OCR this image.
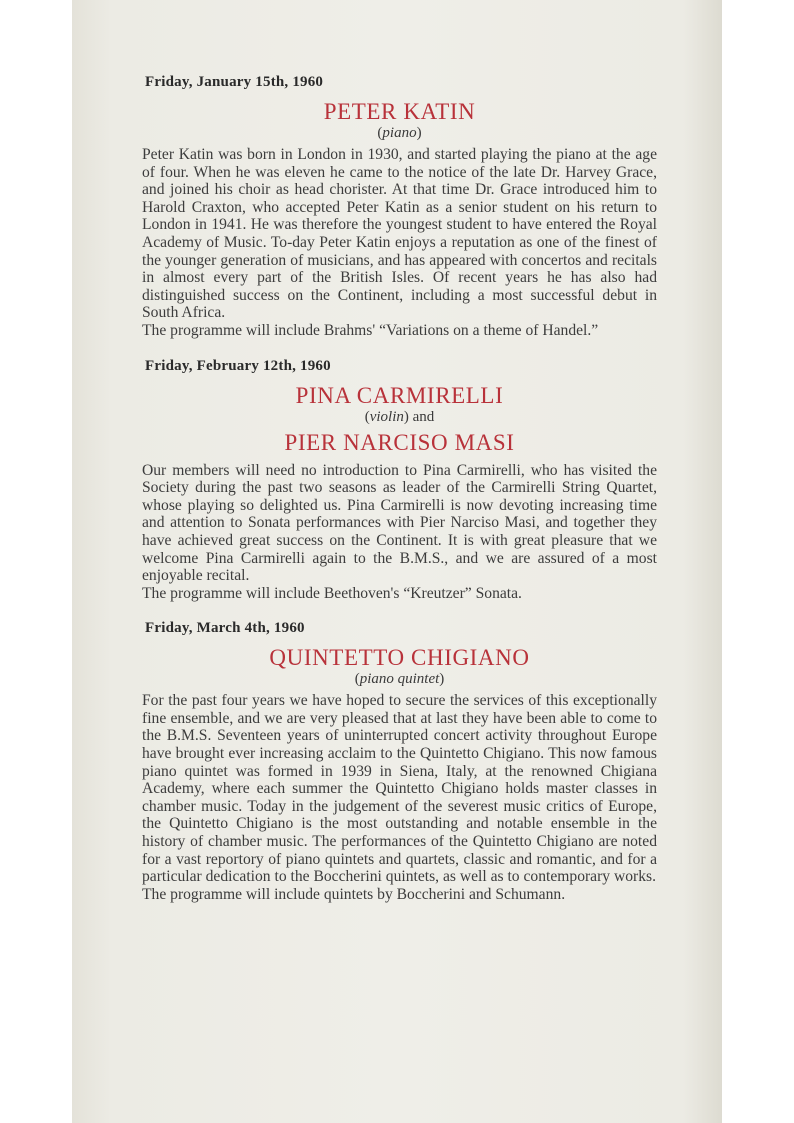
Friday, January 15th, 1960
PETER KATIN
(piano)

Peter Katin was born in London in 1930, and started playing the piano at the age of four. When he was eleven he came to the notice of the late Dr. Harvey Grace, and joined his choir as head chorister. At that time Dr. Grace introduced him to Harold Craxton, who accepted Peter Katin as a senior student on his return to London in 1941. He was therefore the youngest student to have entered the Royal Academy of Music. To-day Peter Katin enjoys a reputation as one of the finest of the younger generation of musicians, and has appeared with concertos and recitals in almost every part of the British Isles. Of recent years he has also had distinguished success on the Continent, including a most successful debut in South Africa.

The programme will include Brahms' “Variations on a theme of Handel.”

Friday, February 12th, 1960
PINA CARMIRELLI
(violin) and
PIER NARCISO MASI

Our members will need no introduction to Pina Carmirelli, who has visited the Society during the past two seasons as leader of the Carmirelli String Quartet, whose playing so delighted us. Pina Carmirelli is now devoting increasing time and attention to Sonata performances with Pier Narciso Masi, and together they have achieved great success on the Continent. It is with great pleasure that we welcome Pina Carmirelli again to the B.M.S., and we are assured of a most enjoyable recital.

The programme will include Beethoven's “Kreutzer” Sonata.

Friday, March 4th, 1960
QUINTETTO CHIGIANO
(piano quintet)

For the past four years we have hoped to secure the services of this exceptionally fine ensemble, and we are very pleased that at last they have been able to come to the B.M.S. Seventeen years of uninterrupted concert activity throughout Europe have brought ever increasing acclaim to the Quintetto Chigiano. This now famous piano quintet was formed in 1939 in Siena, Italy, at the renowned Chigiana Academy, where each summer the Quintetto Chigiano holds master classes in chamber music. Today in the judgement of the severest music critics of Europe, the Quintetto Chigiano is the most outstanding and notable ensemble in the history of chamber music. The performances of the Quintetto Chigiano are noted for a vast reportory of piano quintets and quartets, classic and romantic, and for a particular dedication to the Boccherini quintets, as well as to contemporary works.

The programme will include quintets by Boccherini and Schumann.
